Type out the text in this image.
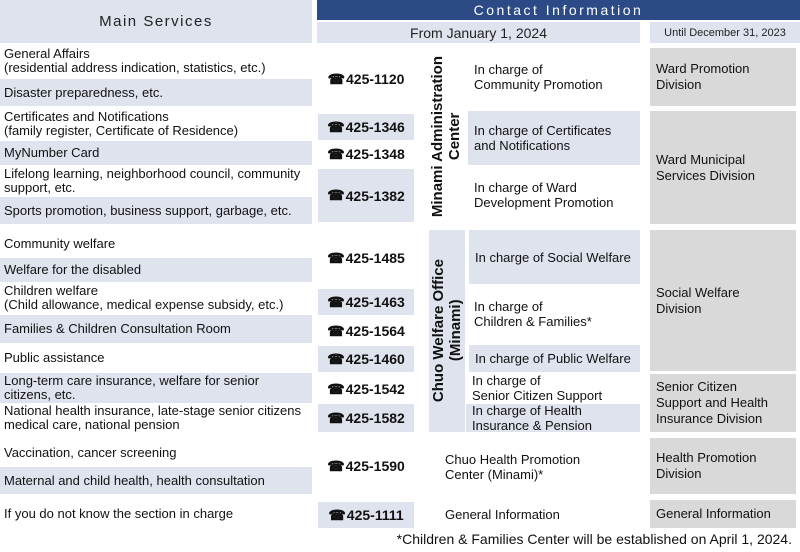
Main Services
Contact Information
From January 1, 2024	Until December 31, 2023
General Affairs
(residential address indication, statistics, etc.)
Disaster preparedness, etc.
Certificates and Notifications
(family register, Certificate of Residence)
MyNumber Card
Lifelong learning, neighborhood council, community
support, etc.
Sports promotion, business support, garbage, etc.
Community welfare
Welfare for the disabled
Children welfare
(Child allowance, medical expense subsidy, etc.)
Families & Children Consultation Room
Public assistance
Long-term care insurance, welfare for senior
citizens, etc.
National health insurance, late-stage senior citizens
medical care, national pension
Vaccination, cancer screening
Maternal and child health, health consultation
If you do not know the section in charge
☎ 425-1120
☎ 425-1346
☎ 425-1348
☎ 425-1382
☎ 425-1485
☎ 425-1463
☎ 425-1564
☎ 425-1460
☎ 425-1542
☎ 425-1582
☎ 425-1590
☎ 425-1111
Minami Administration
Center
Chuo Welfare Office
(Minami)
In charge of
Community Promotion
In charge of Certificates
and Notifications
In charge of Ward
Development Promotion
In charge of Social Welfare
In charge of
Children & Families*
In charge of Public Welfare
In charge of
Senior Citizen Support
In charge of Health
Insurance & Pension
Chuo Health Promotion
Center (Minami)*
General Information
Ward Promotion
Division
Ward Municipal
Services Division
Social Welfare
Division
Senior Citizen
Support and Health
Insurance Division
Health Promotion
Division
General Information
*Children & Families Center will be established on April 1, 2024.
